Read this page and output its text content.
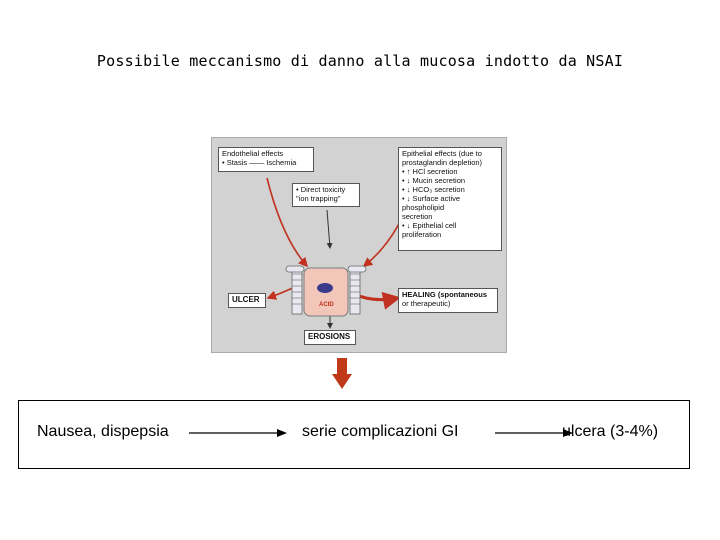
Possibile meccanismo di danno alla mucosa indotto da NSAI
ACID
Endothelial effects
• Stasis —— Ischemia
• Direct toxicity
"ion trapping"
Epithelial effects (due to
prostaglandin depletion)
• ↑ HCl secretion
• ↓ Mucin secretion
• ↓ HCO₃ secretion
• ↓ Surface active
phospholipid
secretion
• ↓ Epithelial cell
proliferation
ULCER
HEALING (spontaneous
or therapeutic)
EROSIONS
Nausea, dispepsia	serie complicazioni GI	ulcera (3-4%)
